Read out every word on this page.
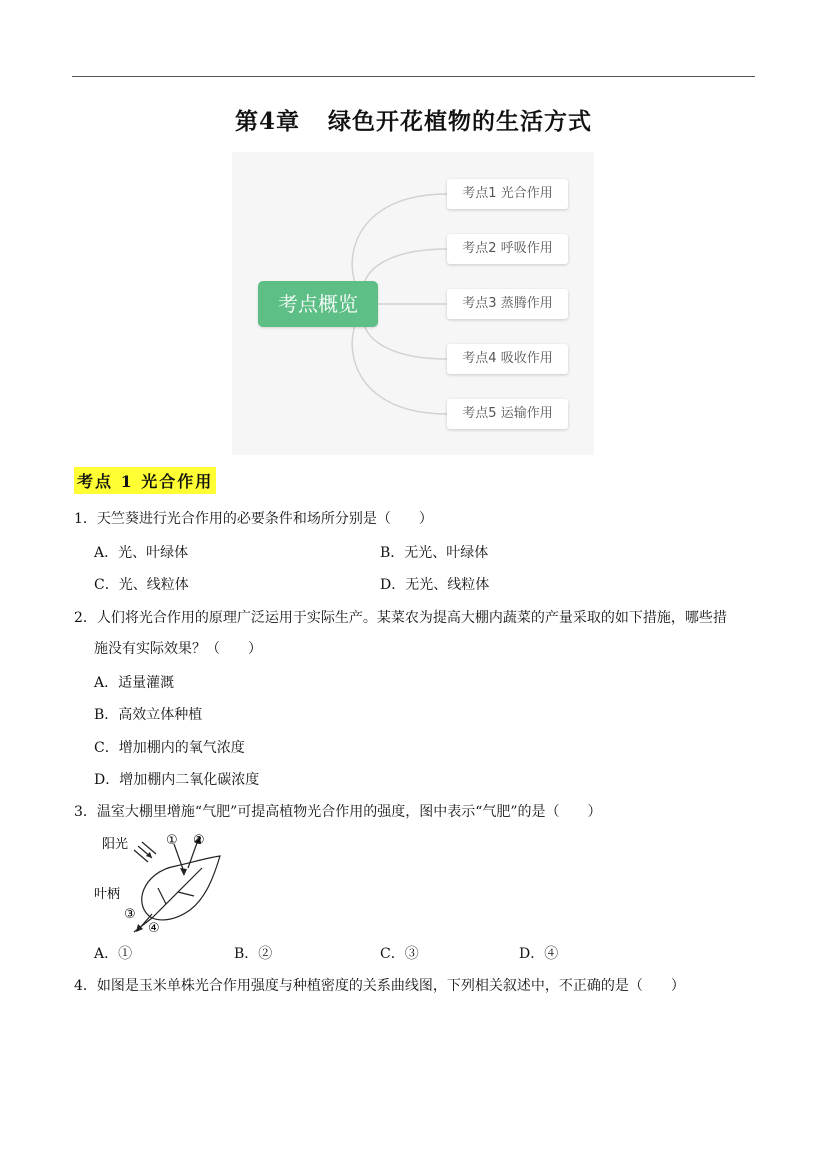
第4章 绿色开花植物的生活方式
考点概览
考点1 光合作用
考点2 呼吸作用
考点3 蒸腾作用
考点4 吸收作用
考点5 运输作用
考点 1 光合作用
1．天竺葵进行光合作用的必要条件和场所分别是（　　）
A．光、叶绿体	B．无光、叶绿体
C．光、线粒体	D．无光、线粒体
2．人们将光合作用的原理广泛运用于实际生产。某菜农为提高大棚内蔬菜的产量采取的如下措施，哪些措
施没有实际效果？（　　）
A．适量灌溉
B．高效立体种植
C．增加棚内的氧气浓度
D．增加棚内二氧化碳浓度
3．温室大棚里增施“气肥”可提高植物光合作用的强度，图中表示“气肥”的是（　　）
阳光
叶柄
① ②
③
④
A．①	B．②	C．③	D．④
4．如图是玉米单株光合作用强度与种植密度的关系曲线图，下列相关叙述中，不正确的是（　　）
